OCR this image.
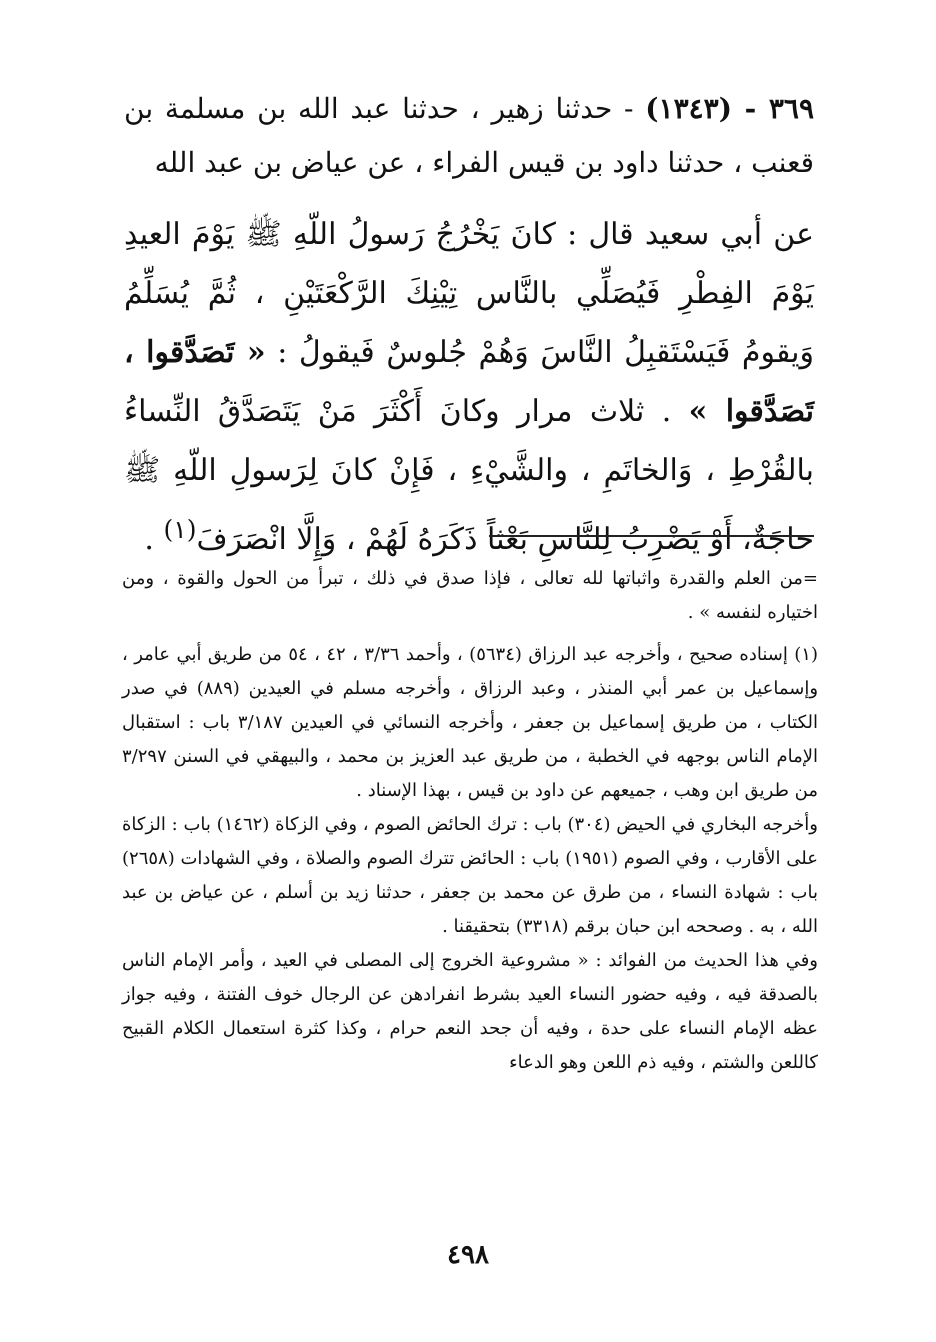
٣٦٩ - (١٣٤٣) - حدثنا زهير ، حدثنا عبد الله بن مسلمة بن قعنب ، حدثنا داود بن قيس الفراء ، عن عياض بن عبد الله
عن أبي سعيد قال : كانَ يَخْرُجُ رَسولُ اللّهِ ﷺ يَوْمَ العيدِ يَوْمَ الفِطْرِ فَيُصَلِّي بالنَّاس تِيْنِكَ الرَّكْعَتَيْنِ ، ثُمَّ يُسَلِّمُ وَيقومُ فَيَسْتَقبِلُ النَّاسَ وَهُمْ جُلوسٌ فَيقولُ : « تَصَدَّقوا ، تَصَدَّقوا » . ثلاث مرار وكانَ أَكْثَرَ مَنْ يَتَصَدَّقُ النِّساءُ بالقُرْطِ ، وَالخاتَمِ ، والشَّيْءِ ، فَإِنْ كانَ لِرَسولِ اللّهِ ﷺ حاجَةٌ، أَوْ يَضْرِبُ لِلنَّاسِ بَعْثاً ذَكَرَهُ لَهُمْ ، وَإِلَّا انْصَرَفَ$^{(١)}$ .

=من العلم والقدرة واثباتها لله تعالى ، فإذا صدق في ذلك ، تبرأ من الحول والقوة ، ومن اختياره لنفسه » .

(١) إسناده صحيح ، وأخرجه عبد الرزاق (٥٦٣٤) ، وأحمد ٣/٣٦ ، ٤٢ ، ٥٤ من طريق أبي عامر ، وإسماعيل بن عمر أبي المنذر ، وعبد الرزاق ، وأخرجه مسلم في العيدين (٨٨٩) في صدر الكتاب ، من طريق إسماعيل بن جعفر ، وأخرجه النسائي في العيدين ٣/١٨٧ باب : استقبال الإمام الناس بوجهه في الخطبة ، من طريق عبد العزيز بن محمد ، والبيهقي في السنن ٣/٢٩٧ من طريق ابن وهب ، جميعهم عن داود بن قيس ، بهذا الإسناد .

وأخرجه البخاري في الحيض (٣٠٤) باب : ترك الحائض الصوم ، وفي الزكاة (١٤٦٢) باب : الزكاة على الأقارب ، وفي الصوم (١٩٥١) باب : الحائض تترك الصوم والصلاة ، وفي الشهادات (٢٦٥٨) باب : شهادة النساء ، من طرق عن محمد بن جعفر ، حدثنا زيد بن أسلم ، عن عياض بن عبد الله ، به . وصححه ابن حبان برقم (٣٣١٨) بتحقيقنا .

وفي هذا الحديث من الفوائد : « مشروعية الخروج إلى المصلى في العيد ، وأمر الإمام الناس بالصدقة فيه ، وفيه حضور النساء العيد بشرط انفرادهن عن الرجال خوف الفتنة ، وفيه جواز عظه الإمام النساء على حدة ، وفيه أن جحد النعم حرام ، وكذا كثرة استعمال الكلام القبيح كاللعن والشتم ، وفيه ذم اللعن وهو الدعاء

٤٩٨
